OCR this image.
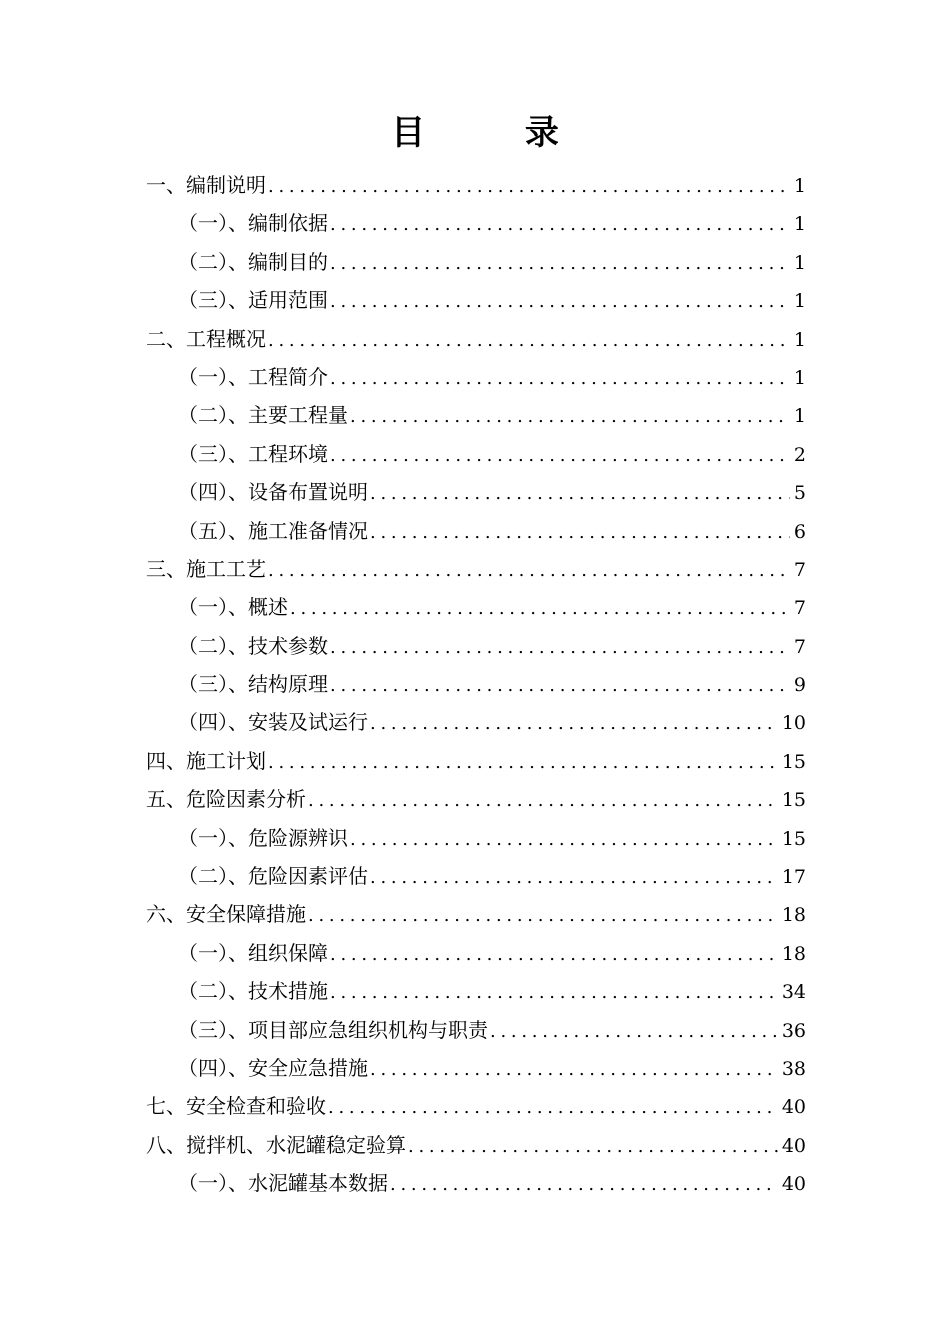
目 录
一、编制说明 . . .	1
（一）、编制依据 . . .	1
（二）、编制目的 . . .	1
（三）、适用范围 . . .	1
二、工程概况 . . .	1
（一）、工程简介 . . .	1
（二）、主要工程量 . . .	1
（三）、工程环境 . . .	2
（四）、设备布置说明 . . .	5
（五）、施工准备情况 . . .	6
三、施工工艺 . . .	7
（一）、概述 . . .	7
（二）、技术参数 . . .	7
（三）、结构原理 . . .	9
（四）、安装及试运行 . . .	10
四、施工计划 . . .	15
五、危险因素分析 . . .	15
（一）、危险源辨识 . . .	15
（二）、危险因素评估 . . .	17
六、安全保障措施 . . .	18
（一）、组织保障 . . .	18
（二）、技术措施 . . .	34
（三）、项目部应急组织机构与职责 . . .	36
（四）、安全应急措施 . . .	38
七、安全检查和验收 . . .	40
八、搅拌机、水泥罐稳定验算 . . .	40
（一）、水泥罐基本数据 . . .	40
